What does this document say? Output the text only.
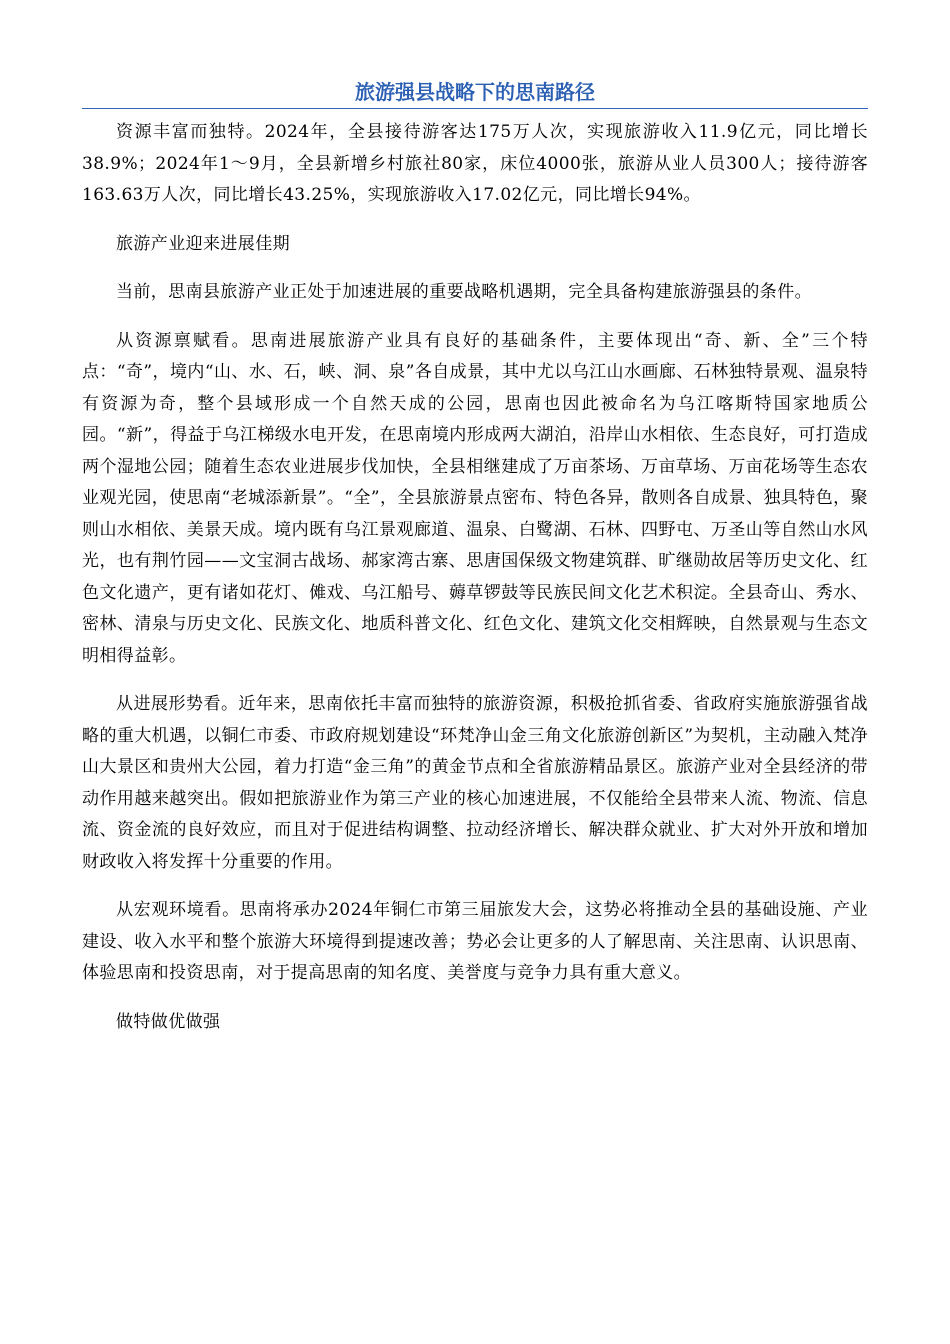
旅游强县战略下的思南路径

资源丰富而独特。2024年，全县接待游客达175万人次，实现旅游收入11.9亿元，同比增长38.9%；2024年1～9月，全县新增乡村旅社80家，床位4000张，旅游从业人员300人；接待游客163.63万人次，同比增长43.25%，实现旅游收入17.02亿元，同比增长94%。

旅游产业迎来进展佳期

当前，思南县旅游产业正处于加速进展的重要战略机遇期，完全具备构建旅游强县的条件。

从资源禀赋看。思南进展旅游产业具有良好的基础条件，主要体现出“奇、新、全”三个特点：“奇”，境内“山、水、石，峡、洞、泉”各自成景，其中尤以乌江山水画廊、石林独特景观、温泉特有资源为奇，整个县域形成一个自然天成的公园，思南也因此被命名为乌江喀斯特国家地质公园。“新”，得益于乌江梯级水电开发，在思南境内形成两大湖泊，沿岸山水相依、生态良好，可打造成两个湿地公园；随着生态农业进展步伐加快，全县相继建成了万亩茶场、万亩草场、万亩花场等生态农业观光园，使思南“老城添新景”。“全”，全县旅游景点密布、特色各异，散则各自成景、独具特色，聚则山水相依、美景天成。境内既有乌江景观廊道、温泉、白鹭湖、石林、四野屯、万圣山等自然山水风光，也有荆竹园——文宝洞古战场、郝家湾古寨、思唐国保级文物建筑群、旷继勋故居等历史文化、红色文化遗产，更有诸如花灯、傩戏、乌江船号、薅草锣鼓等民族民间文化艺术积淀。全县奇山、秀水、密林、清泉与历史文化、民族文化、地质科普文化、红色文化、建筑文化交相辉映，自然景观与生态文明相得益彰。

从进展形势看。近年来，思南依托丰富而独特的旅游资源，积极抢抓省委、省政府实施旅游强省战略的重大机遇，以铜仁市委、市政府规划建设“环梵净山金三角文化旅游创新区”为契机，主动融入梵净山大景区和贵州大公园，着力打造“金三角”的黄金节点和全省旅游精品景区。旅游产业对全县经济的带动作用越来越突出。假如把旅游业作为第三产业的核心加速进展，不仅能给全县带来人流、物流、信息流、资金流的良好效应，而且对于促进结构调整、拉动经济增长、解决群众就业、扩大对外开放和增加财政收入将发挥十分重要的作用。

从宏观环境看。思南将承办2024年铜仁市第三届旅发大会，这势必将推动全县的基础设施、产业建设、收入水平和整个旅游大环境得到提速改善；势必会让更多的人了解思南、关注思南、认识思南、体验思南和投资思南，对于提高思南的知名度、美誉度与竞争力具有重大意义。

做特做优做强
